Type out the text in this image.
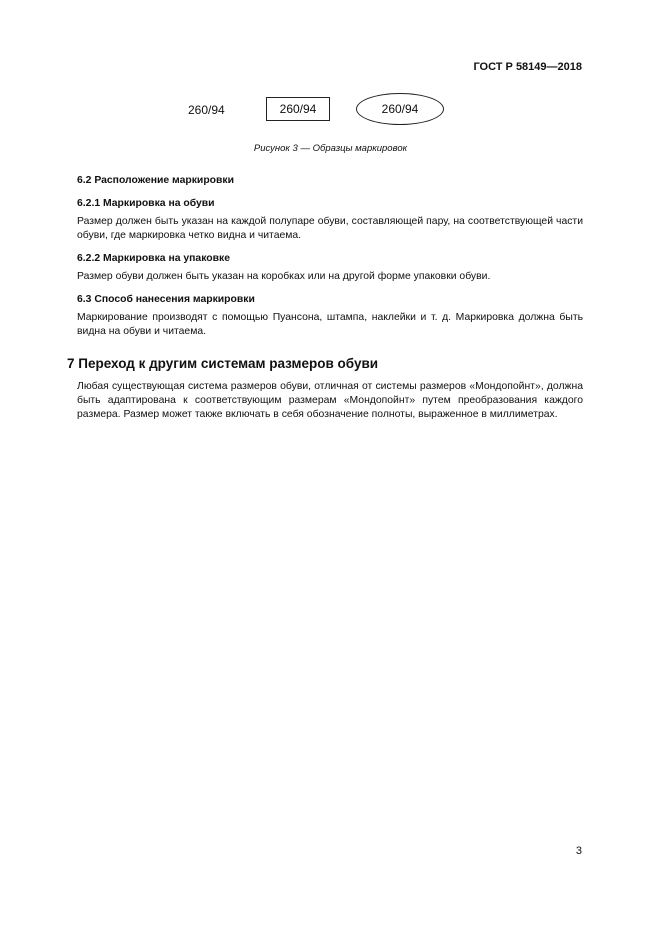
ГОСТ Р 58149—2018
260/94	260/94	260/94
Рисунок 3 — Образцы маркировок
6.2 Расположение маркировки
6.2.1 Маркировка на обуви

Размер должен быть указан на каждой полупаре обуви, составляющей пару, на соответствующей части обуви, где маркировка четко видна и читаема.

6.2.2 Маркировка на упаковке

Размер обуви должен быть указан на коробках или на другой форме упаковки обуви.

6.3 Способ нанесения маркировки

Маркирование производят с помощью Пуансона, штампа, наклейки и т. д. Маркировка должна быть видна на обуви и читаема.

7 Переход к другим системам размеров обуви

Любая существующая система размеров обуви, отличная от системы размеров «Мондопойнт», должна быть адаптирована к соответствующим размерам «Мондопойнт» путем преобразования каждого размера. Размер может также включать в себя обозначение полноты, выраженное в миллиметрах.

3
